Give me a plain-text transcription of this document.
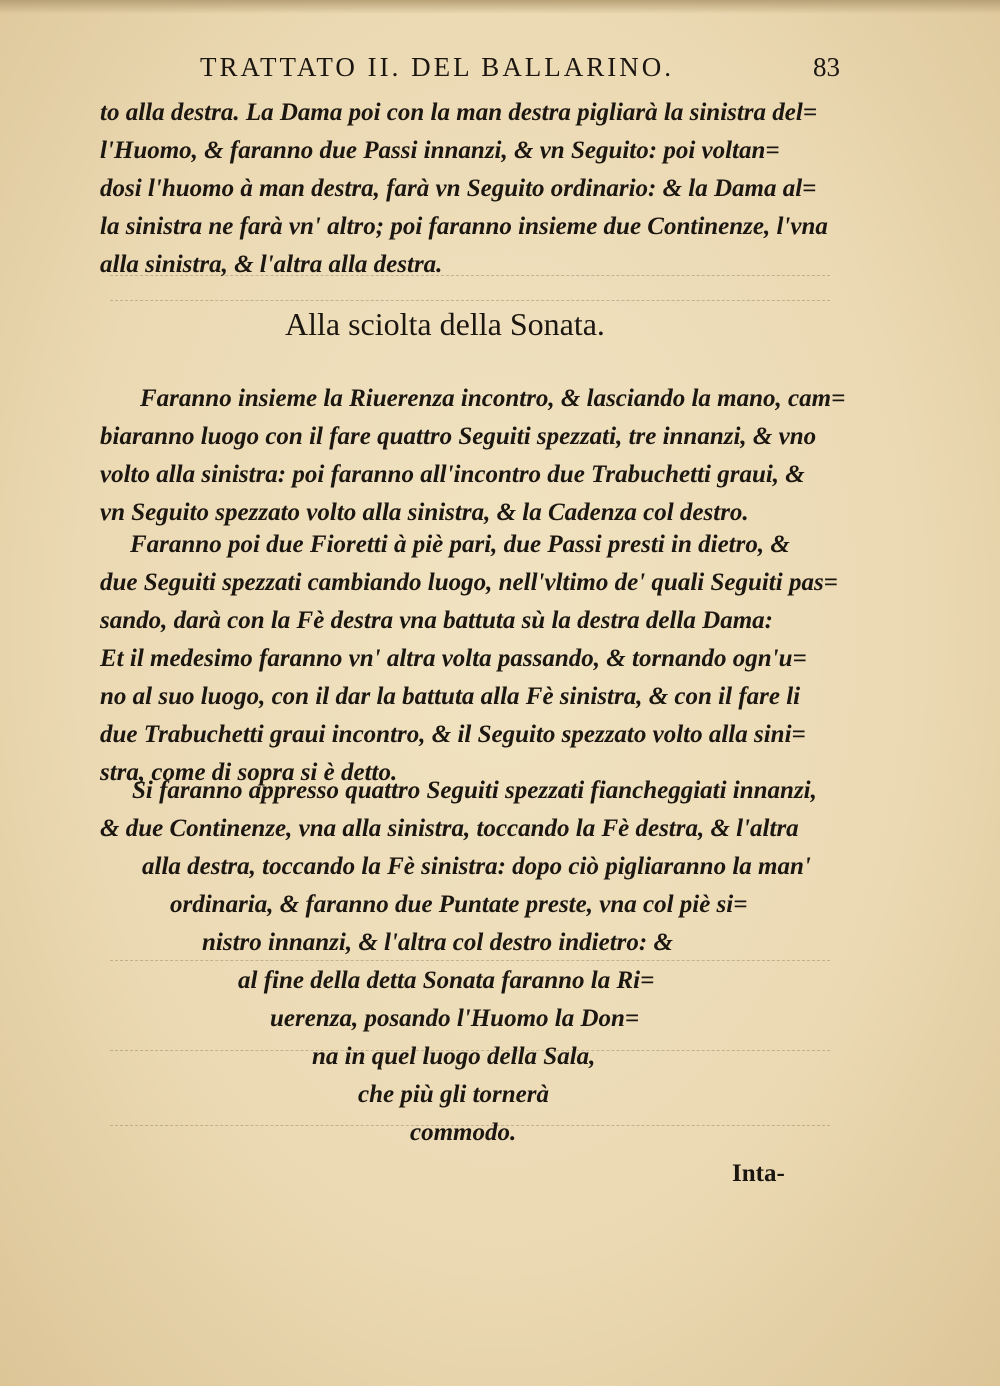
TRATTATO II. DEL BALLARINO.	83
to alla destra. La Dama poi con la man destra pigliarà la sinistra del=
l'Huomo, & faranno due Passi innanzi, & vn Seguito: poi voltan=
dosi l'huomo à man destra, farà vn Seguito ordinario: & la Dama al=
la sinistra ne farà vn' altro; poi faranno insieme due Continenze, l'vna
alla sinistra, & l'altra alla destra.
Alla sciolta della Sonata.
Faranno insieme la Riuerenza incontro, & lasciando la mano, cam=
biaranno luogo con il fare quattro Seguiti spezzati, tre innanzi, & vno
volto alla sinistra: poi faranno all'incontro due Trabuchetti graui, &
vn Seguito spezzato volto alla sinistra, & la Cadenza col destro.
Faranno poi due Fioretti à piè pari, due Passi presti in dietro, &
due Seguiti spezzati cambiando luogo, nell'vltimo de' quali Seguiti pas=
sando, darà con la Fè destra vna battuta sù la destra della Dama:
Et il medesimo faranno vn' altra volta passando, & tornando ogn'u=
no al suo luogo, con il dar la battuta alla Fè sinistra, & con il fare li
due Trabuchetti graui incontro, & il Seguito spezzato volto alla sini=
stra, come di sopra si è detto.
Si faranno appresso quattro Seguiti spezzati fiancheggiati innanzi,
& due Continenze, vna alla sinistra, toccando la Fè destra, & l'altra
alla destra, toccando la Fè sinistra: dopo ciò pigliaranno la man'
ordinaria, & faranno due Puntate preste, vna col piè si=
nistro innanzi, & l'altra col destro indietro: &
al fine della detta Sonata faranno la Ri=
uerenza, posando l'Huomo la Don=
na in quel luogo della Sala,
che più gli tornerà
commodo.
Inta-
